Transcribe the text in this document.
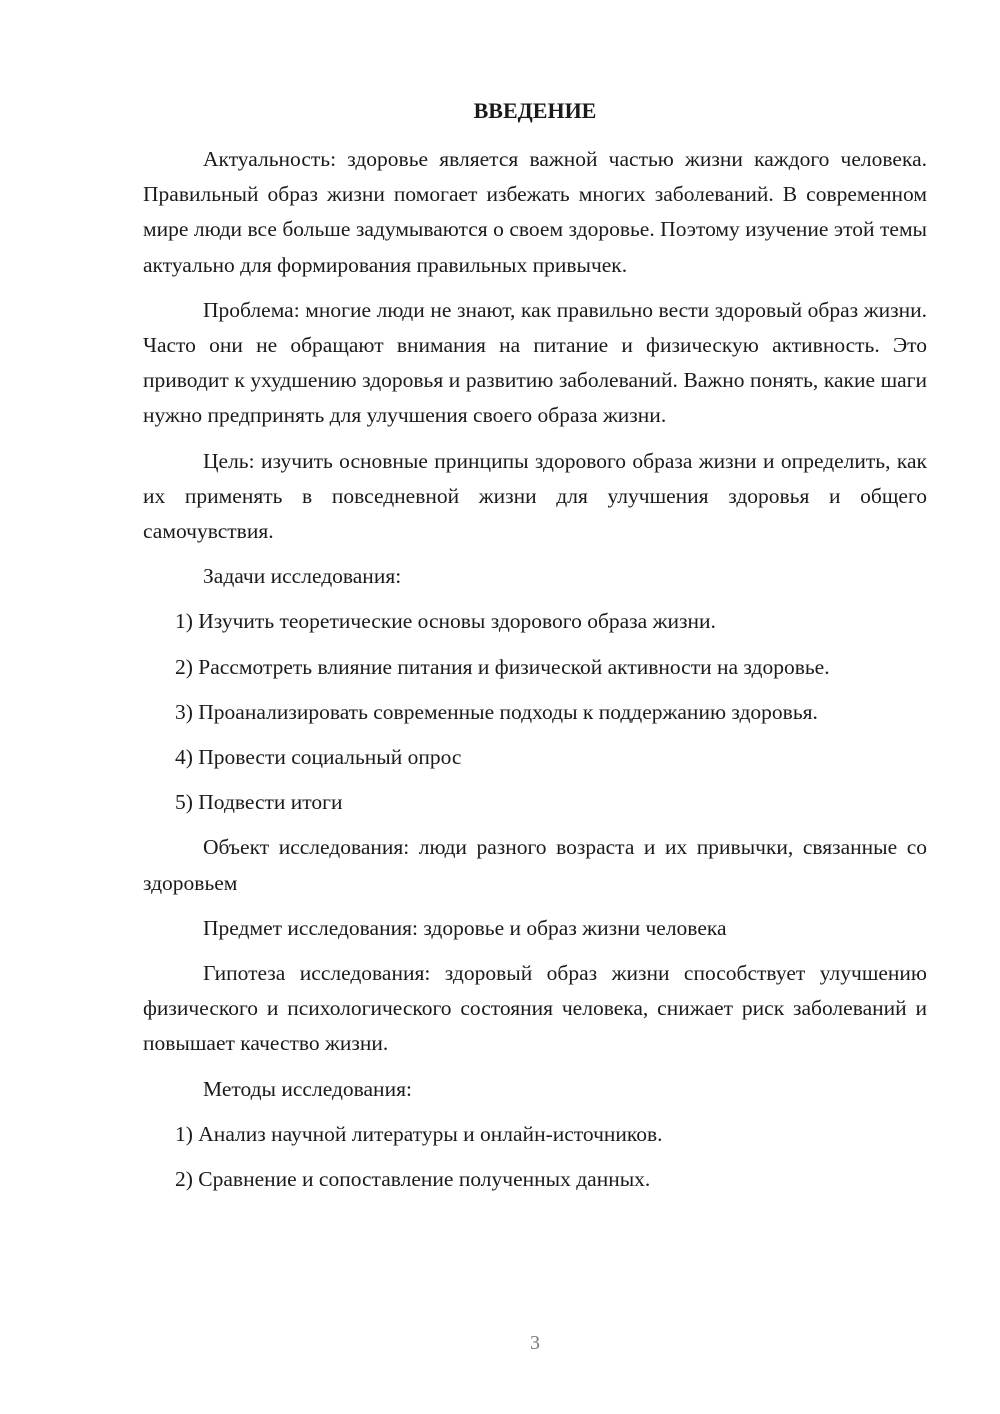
ВВЕДЕНИЕ

Актуальность: здоровье является важной частью жизни каждого человека. Правильный образ жизни помогает избежать многих заболеваний. В современном мире люди все больше задумываются о своем здоровье. Поэтому изучение этой темы актуально для формирования правильных привычек.

Проблема: многие люди не знают, как правильно вести здоровый образ жизни. Часто они не обращают внимания на питание и физическую активность. Это приводит к ухудшению здоровья и развитию заболеваний. Важно понять, какие шаги нужно предпринять для улучшения своего образа жизни.

Цель: изучить основные принципы здорового образа жизни и определить, как их применять в повседневной жизни для улучшения здоровья и общего самочувствия.

Задачи исследования:

1) Изучить теоретические основы здорового образа жизни.

2) Рассмотреть влияние питания и физической активности на здоровье.

3) Проанализировать современные подходы к поддержанию здоровья.

4) Провести социальный опрос

5) Подвести итоги

Объект исследования: люди разного возраста и их привычки, связанные со здоровьем

Предмет исследования: здоровье и образ жизни человека

Гипотеза исследования: здоровый образ жизни способствует улучшению физического и психологического состояния человека, снижает риск заболеваний и повышает качество жизни.

Методы исследования:

1) Анализ научной литературы и онлайн-источников.

2) Сравнение и сопоставление полученных данных.

3
